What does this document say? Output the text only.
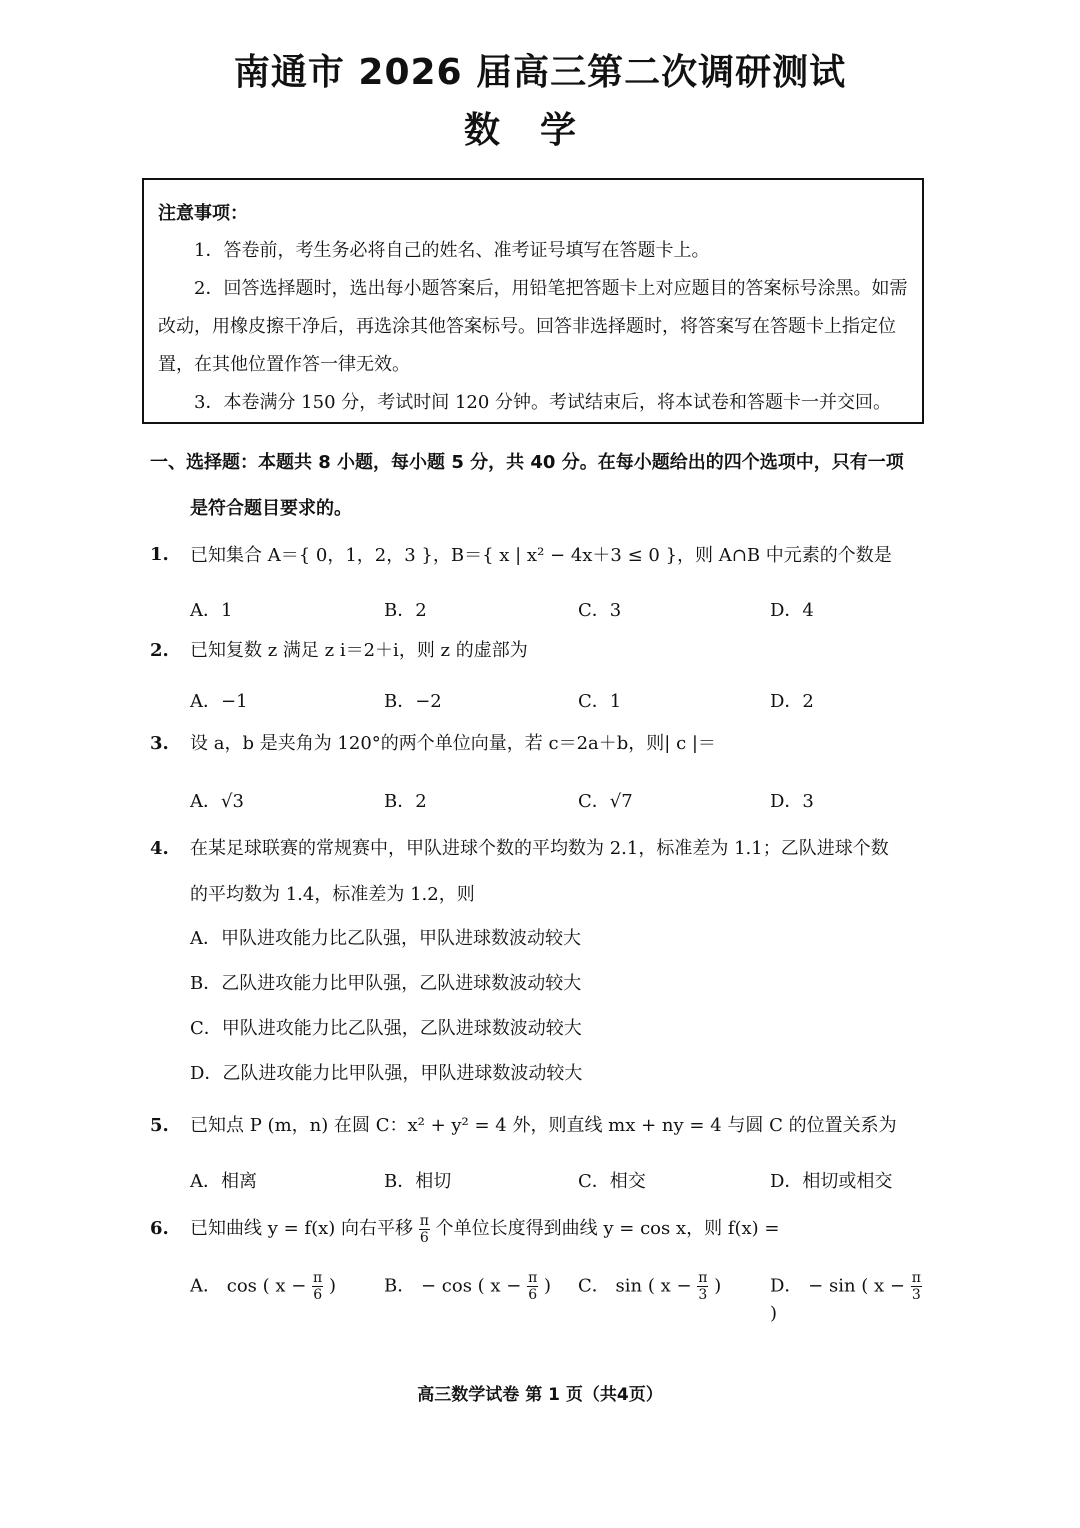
南通市 2026 届高三第二次调研测试
数学
注意事项：

1．答卷前，考生务必将自己的姓名、准考证号填写在答题卡上。

2．回答选择题时，选出每小题答案后，用铅笔把答题卡上对应题目的答案标号涂黑。如需改动，用橡皮擦干净后，再选涂其他答案标号。回答非选择题时，将答案写在答题卡上指定位置，在其他位置作答一律无效。

3．本卷满分 150 分，考试时间 120 分钟。考试结束后，将本试卷和答题卡一并交回。

一、选择题：本题共 8 小题，每小题 5 分，共 40 分。在每小题给出的四个选项中，只有一项
是符合题目要求的。
1. 已知集合 A＝{ 0，1，2，3 }，B＝{ x | x² − 4x＋3 ≤ 0 }，则 A∩B 中元素的个数是
A．1	B．2	C．3	D．4
2. 已知复数 z 满足 z i＝2＋i，则 z 的虚部为
A．−1	B．−2	C．1	D．2
3. 设 a，b 是夹角为 120°的两个单位向量，若 c＝2a＋b，则| c |＝
A．√3	B．2	C．√7	D．3
4. 在某足球联赛的常规赛中，甲队进球个数的平均数为 2.1，标准差为 1.1；乙队进球个数
的平均数为 1.4，标准差为 1.2，则
A．甲队进攻能力比乙队强，甲队进球数波动较大
B．乙队进攻能力比甲队强，乙队进球数波动较大
C．甲队进攻能力比乙队强，乙队进球数波动较大
D．乙队进攻能力比甲队强，甲队进球数波动较大
5. 已知点 P (m，n) 在圆 C：x² + y² = 4 外，则直线 mx + ny = 4 与圆 C 的位置关系为
A．相离	B．相切	C．相交	D．相切或相交
6. 已知曲线 y = f(x) 向右平移 $\frac{\pi}{6}$ 个单位长度得到曲线 y = cos x，则 f(x) =
A． cos ( $x - \frac{\pi}{6}$ )	B． − cos ( $x - \frac{\pi}{6}$ ) C． sin ( $x - \frac{\pi}{3}$ )	D． − sin ( $x - \frac{\pi}{3}$
)
高三数学试卷 第 1 页（共4页）
